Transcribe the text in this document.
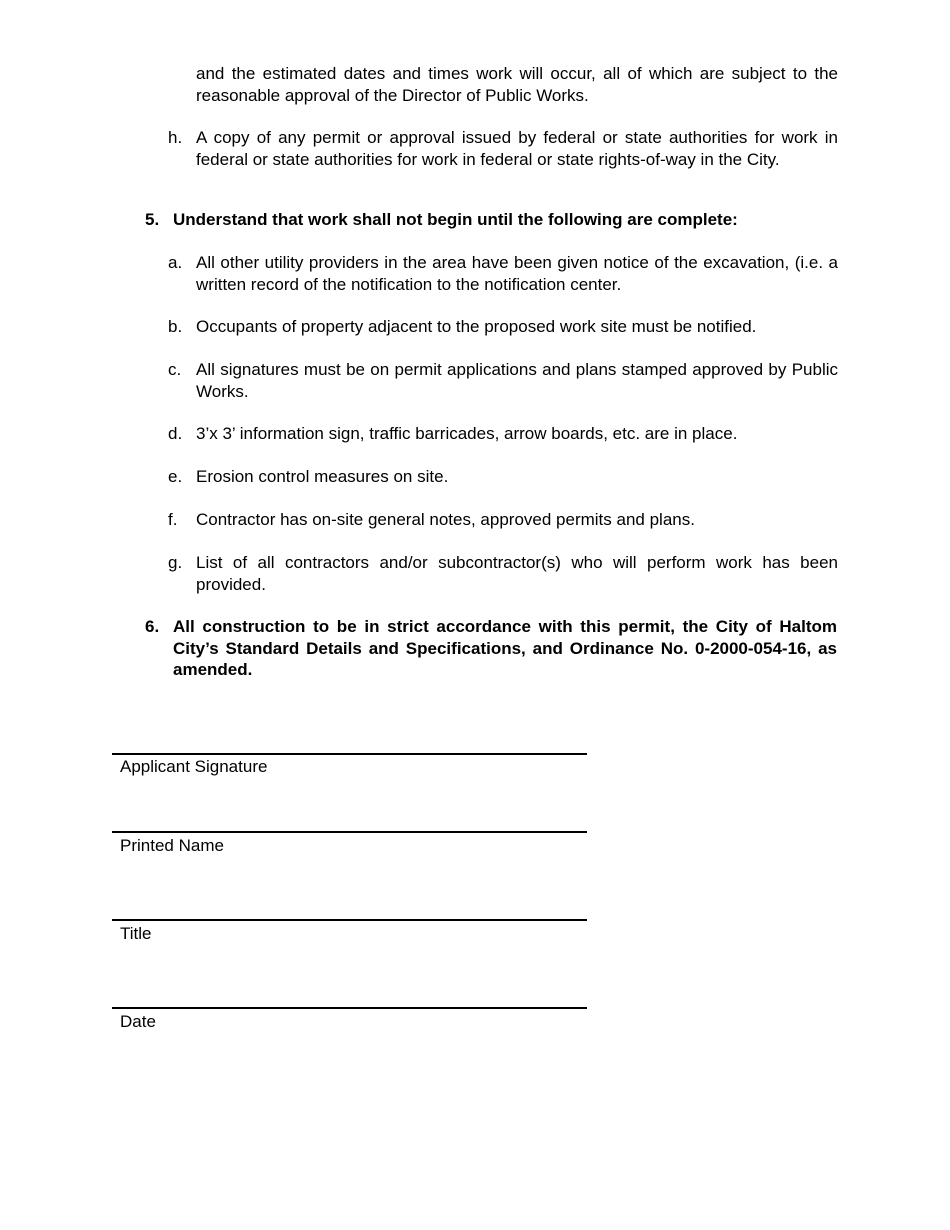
and the estimated dates and times work will occur, all of which are subject to the reasonable approval of the Director of Public Works.

h. A copy of any permit or approval issued by federal or state authorities for work in federal or state authorities for work in federal or state rights-of-way in the City.
5. Understand that work shall not begin until the following are complete:
a. All other utility providers in the area have been given notice of the excavation, (i.e. a written record of the notification to the notification center.
b. Occupants of property adjacent to the proposed work site must be notified.
c. All signatures must be on permit applications and plans stamped approved by Public Works.
d. 3’x 3’ information sign, traffic barricades, arrow boards, etc. are in place.
e. Erosion control measures on site.
f.	Contractor has on-site general notes, approved permits and plans.
g. List of all contractors and/or subcontractor(s) who will perform work has been provided.
6. All construction to be in strict accordance with this permit, the City of Haltom City’s Standard Details and Specifications, and Ordinance No. 0-2000-054-16, as amended.
Applicant Signature
Printed Name
Title
Date
